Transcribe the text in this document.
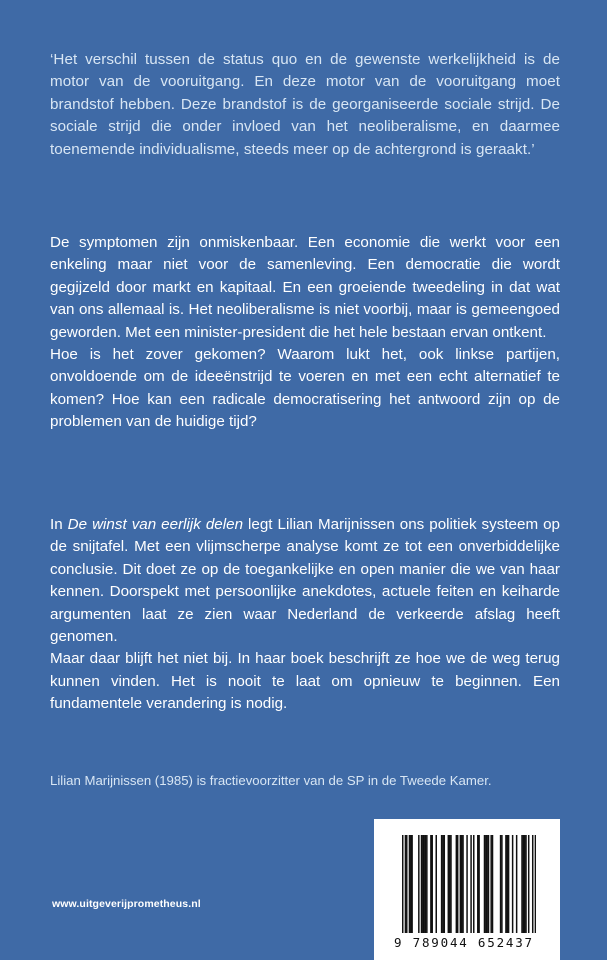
‘Het verschil tussen de status quo en de gewenste werkelijkheid is de motor van de vooruitgang. En deze motor van de vooruitgang moet brandstof hebben. Deze brandstof is de georganiseerde sociale strijd. De sociale strijd die onder invloed van het neoliberalisme, en daarmee toenemende individualisme, steeds meer op de achtergrond is geraakt.’

De symptomen zijn onmiskenbaar. Een economie die werkt voor een enkeling maar niet voor de samenleving. Een democratie die wordt gegijzeld door markt en kapitaal. En een groeiende tweedeling in dat wat van ons allemaal is. Het neoliberalisme is niet voorbij, maar is gemeengoed geworden. Met een minister-president die het hele bestaan ervan ontkent.

Hoe is het zover gekomen? Waarom lukt het, ook linkse partijen, onvoldoende om de ideeënstrijd te voeren en met een echt alternatief te komen? Hoe kan een radicale democratisering het antwoord zijn op de problemen van de huidige tijd?

In De winst van eerlijk delen legt Lilian Marijnissen ons politiek systeem op de snijtafel. Met een vlijmscherpe analyse komt ze tot een onverbiddelijke conclusie. Dit doet ze op de toegankelijke en open manier die we van haar kennen. Doorspekt met persoonlijke anekdotes, actuele feiten en keiharde argumenten laat ze zien waar Nederland de verkeerde afslag heeft genomen.

Maar daar blijft het niet bij. In haar boek beschrijft ze hoe we de weg terug kunnen vinden. Het is nooit te laat om opnieuw te beginnen. Een fundamentele verandering is nodig.

Lilian Marijnissen (1985) is fractievoorzitter van de SP in de Tweede Kamer.
www.uitgeverijprometheus.nl
9 789044 652437
